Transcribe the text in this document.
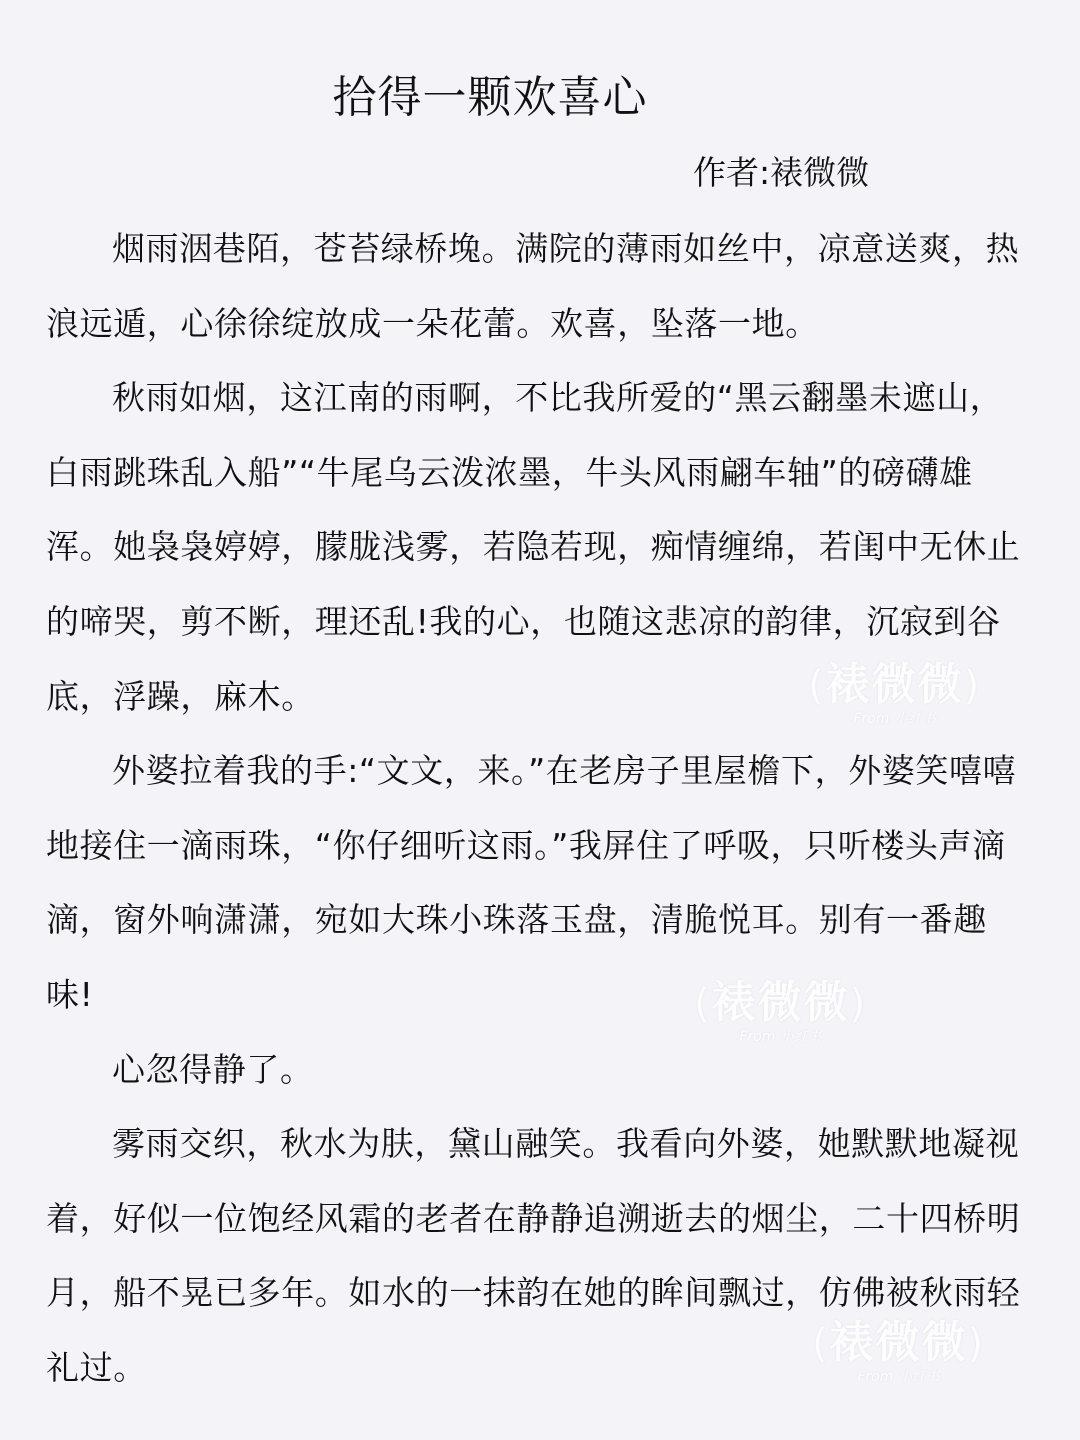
拾得一颗欢喜心
作者:裱微微

烟雨洇巷陌，苍苔绿桥堍。满院的薄雨如丝中，凉意送爽，热浪远遁，心徐徐绽放成一朵花蕾。欢喜，坠落一地。

秋雨如烟，这江南的雨啊，不比我所爱的“黑云翻墨未遮山，白雨跳珠乱入船”“牛尾乌云泼浓墨，牛头风雨翩车轴”的磅礴雄浑。她袅袅婷婷，朦胧浅雾，若隐若现，痴情缠绵，若闺中无休止的啼哭，剪不断，理还乱!我的心，也随这悲凉的韵律，沉寂到谷底，浮躁，麻木。

外婆拉着我的手:“文文，来。”在老房子里屋檐下，外婆笑嘻嘻地接住一滴雨珠，“你仔细听这雨。”我屏住了呼吸，只听楼头声滴滴，窗外响潇潇，宛如大珠小珠落玉盘，清脆悦耳。别有一番趣味!

心忽得静了。

雾雨交织，秋水为肤，黛山融笑。我看向外婆，她默默地凝视着，好似一位饱经风霜的老者在静静追溯逝去的烟尘，二十四桥明月，船不晃已多年。如水的一抹韵在她的眸间飘过，仿佛被秋雨轻礼过。

(裱微微)
From 小红书
(裱微微)
From 小红书
(裱微微)
From 小红书
